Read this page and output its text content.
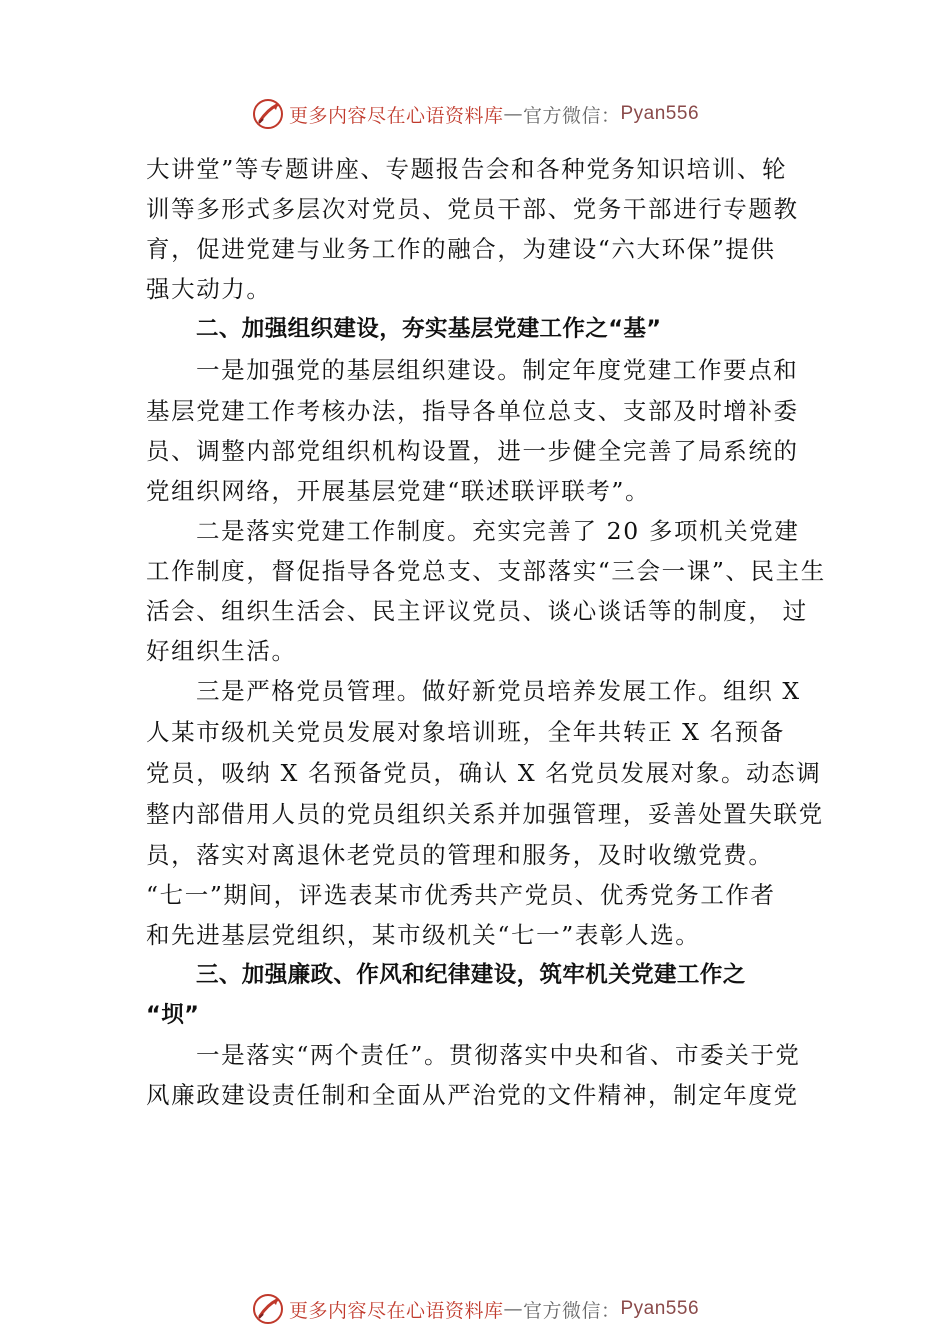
更多内容尽在心语资料库 — 官方微信： Pyan556
大讲堂”等专题讲座、专题报告会和各种党务知识培训、轮
训等多形式多层次对党员、党员干部、党务干部进行专题教
育，促进党建与业务工作的融合，为建设“六大环保”提供
强大动力。
二、加强组织建设，夯实基层党建工作之“基”
一是加强党的基层组织建设。制定年度党建工作要点和
基层党建工作考核办法，指导各单位总支、支部及时增补委
员、调整内部党组织机构设置，进一步健全完善了局系统的
党组织网络，开展基层党建“联述联评联考”。
二是落实党建工作制度。充实完善了 20 多项机关党建
工作制度，督促指导各党总支、支部落实“三会一课”、民主生
活会、组织生活会、民主评议党员、谈心谈话等的制度， 过
好组织生活。
三是严格党员管理。做好新党员培养发展工作。组织 X
人某市级机关党员发展对象培训班，全年共转正 X 名预备
党员，吸纳 X 名预备党员，确认 X 名党员发展对象。动态调
整内部借用人员的党员组织关系并加强管理，妥善处置失联党
员，落实对离退休老党员的管理和服务，及时收缴党费。
“七一”期间，评选表某市优秀共产党员、优秀党务工作者
和先进基层党组织，某市级机关“七一”表彰人选。
三、加强廉政、作风和纪律建设，筑牢机关党建工作之
“坝”
一是落实“两个责任”。贯彻落实中央和省、市委关于党
风廉政建设责任制和全面从严治党的文件精神，制定年度党
更多内容尽在心语资料库 — 官方微信： Pyan556
